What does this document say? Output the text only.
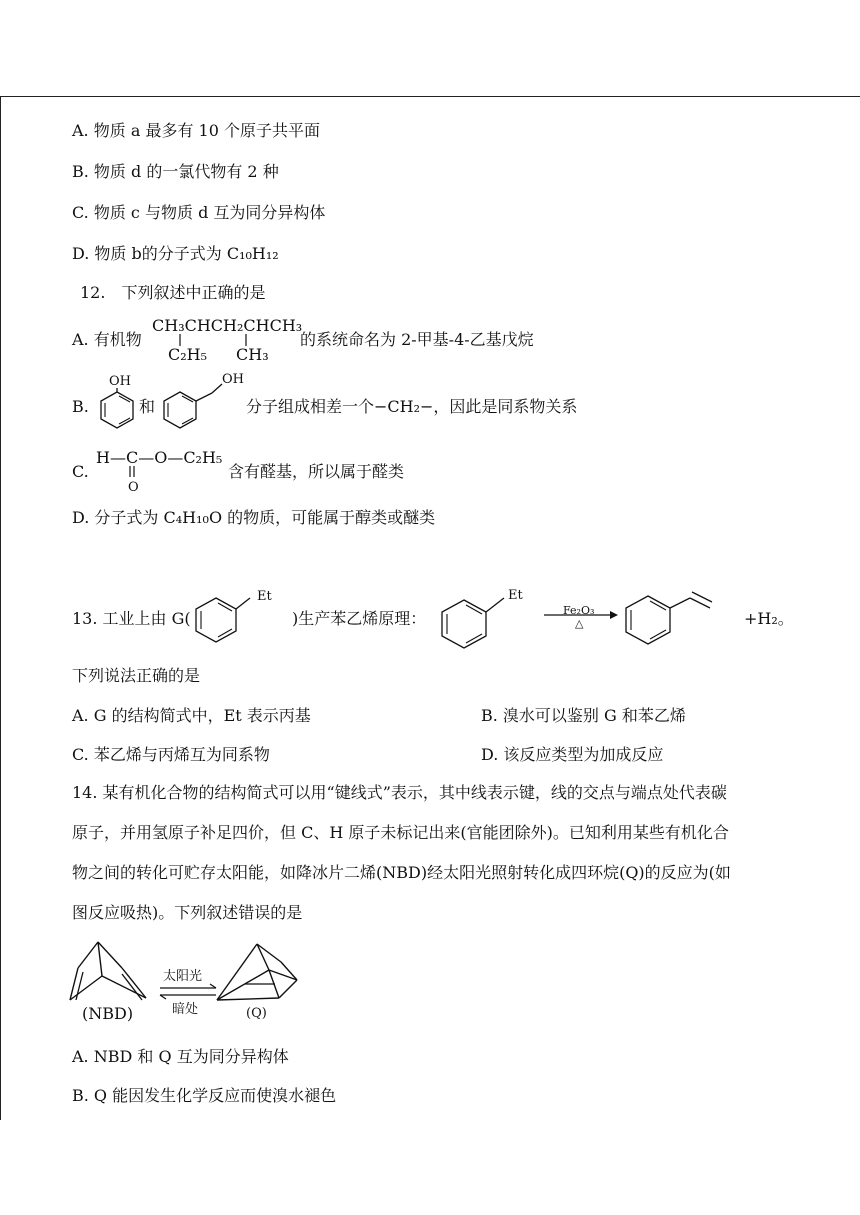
A. 物质 a 最多有 10 个原子共平面
B. 物质 d 的一氯代物有 2 种
C. 物质 c 与物质 d 互为同分异构体
D. 物质 b的分子式为 C₁₀H₁₂
12.　下列叙述中正确的是
A. 有机物
CH₃CHCH₂CHCH₃
C₂H₅ CH₃
的系统命名为 2-甲基-4-乙基戊烷
B.
OH
和
OH
分子组成相差一个−CH₂−，因此是同系物关系
C.
H—C—O—C₂H₅
O
含有醛基，所以属于醛类
D. 分子式为 C₄H₁₀O 的物质，可能属于醇类或醚类
13. 工业上由 G(
Et
)生产苯乙烯原理：
Et
Fe₂O₃
△	+H₂。
下列说法正确的是
A. G 的结构简式中，Et 表示丙基	B. 溴水可以鉴别 G 和苯乙烯
C. 苯乙烯与丙烯互为同系物	D. 该反应类型为加成反应
14. 某有机化合物的结构简式可以用“键线式”表示，其中线表示键，线的交点与端点处代表碳
原子，并用氢原子补足四价，但 C、H 原子未标记出来(官能团除外)。已知利用某些有机化合
物之间的转化可贮存太阳能，如降冰片二烯(NBD)经太阳光照射转化成四环烷(Q)的反应为(如
图反应吸热)。下列叙述错误的是
(NBD)
太阳光
暗处	(Q)
A. NBD 和 Q 互为同分异构体
B. Q 能因发生化学反应而使溴水褪色
